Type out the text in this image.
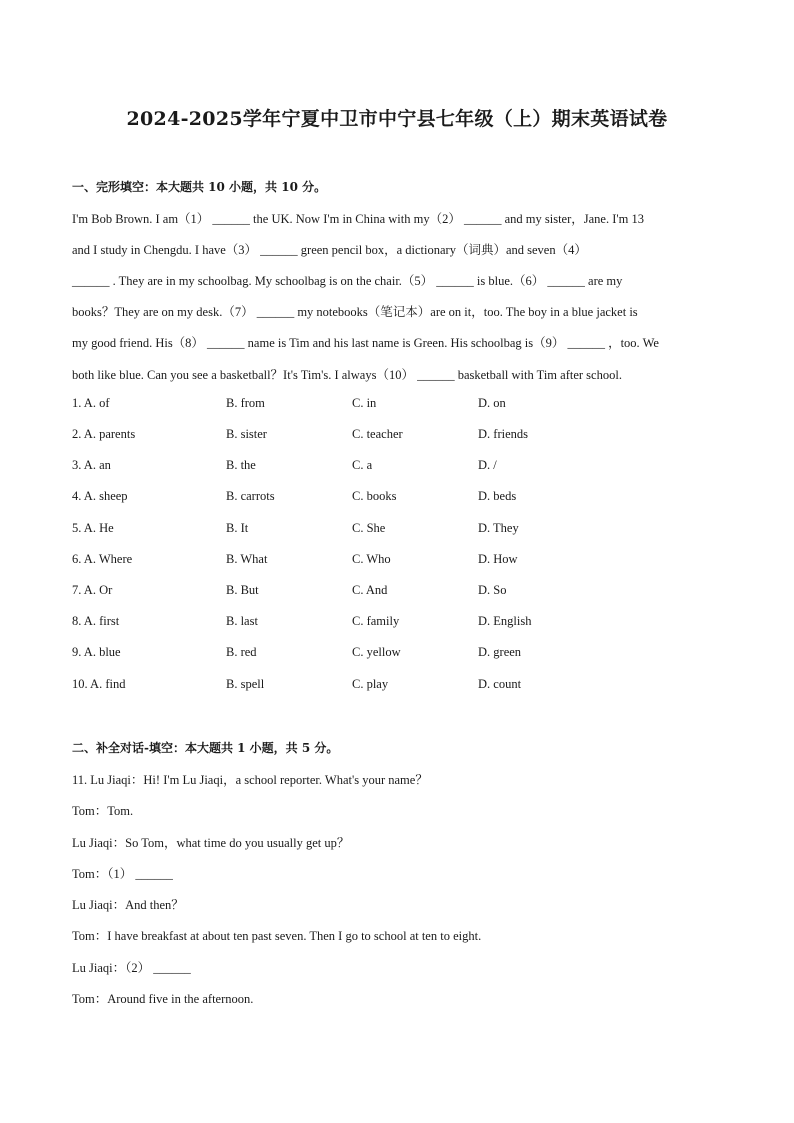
2024-2025学年宁夏中卫市中宁县七年级（上）期末英语试卷
一、完形填空：本大题共 10 小题，共 10 分。
I'm Bob Brown. I am（1） ______ the UK. Now I'm in China with my（2） ______ and my sister，Jane. I'm 13
and I study in Chengdu. I have（3） ______ green pencil box，a dictionary（词典）and seven（4）
______ . They are in my schoolbag. My schoolbag is on the chair.（5） ______ is blue.（6） ______ are my
books？They are on my desk.（7） ______ my notebooks（笔记本）are on it，too. The boy in a blue jacket is
my good friend. His（8） ______ name is Tim and his last name is Green. His schoolbag is（9） ______ ，too. We
both like blue. Can you see a basketball？It's Tim's. I always（10） ______ basketball with Tim after school.
1. A. of	B. from	C. in	D. on
2. A. parents	B. sister	C. teacher	D. friends
3. A. an	B. the	C. a	D. /
4. A. sheep	B. carrots	C. books	D. beds
5. A. He	B. It	C. She	D. They
6. A. Where	B. What	C. Who	D. How
7. A. Or	B. But	C. And	D. So
8. A. first	B. last	C. family	D. English
9. A. blue	B. red	C. yellow	D. green
10. A. find	B. spell	C. play	D. count
二、补全对话-填空：本大题共 1 小题，共 5 分。
11. Lu Jiaqi：Hi! I'm Lu Jiaqi，a school reporter. What's your name？
Tom：Tom.
Lu Jiaqi：So Tom，what time do you usually get up？
Tom：（1） ______
Lu Jiaqi：And then？
Tom：I have breakfast at about ten past seven. Then I go to school at ten to eight.
Lu Jiaqi：（2） ______
Tom：Around five in the afternoon.
